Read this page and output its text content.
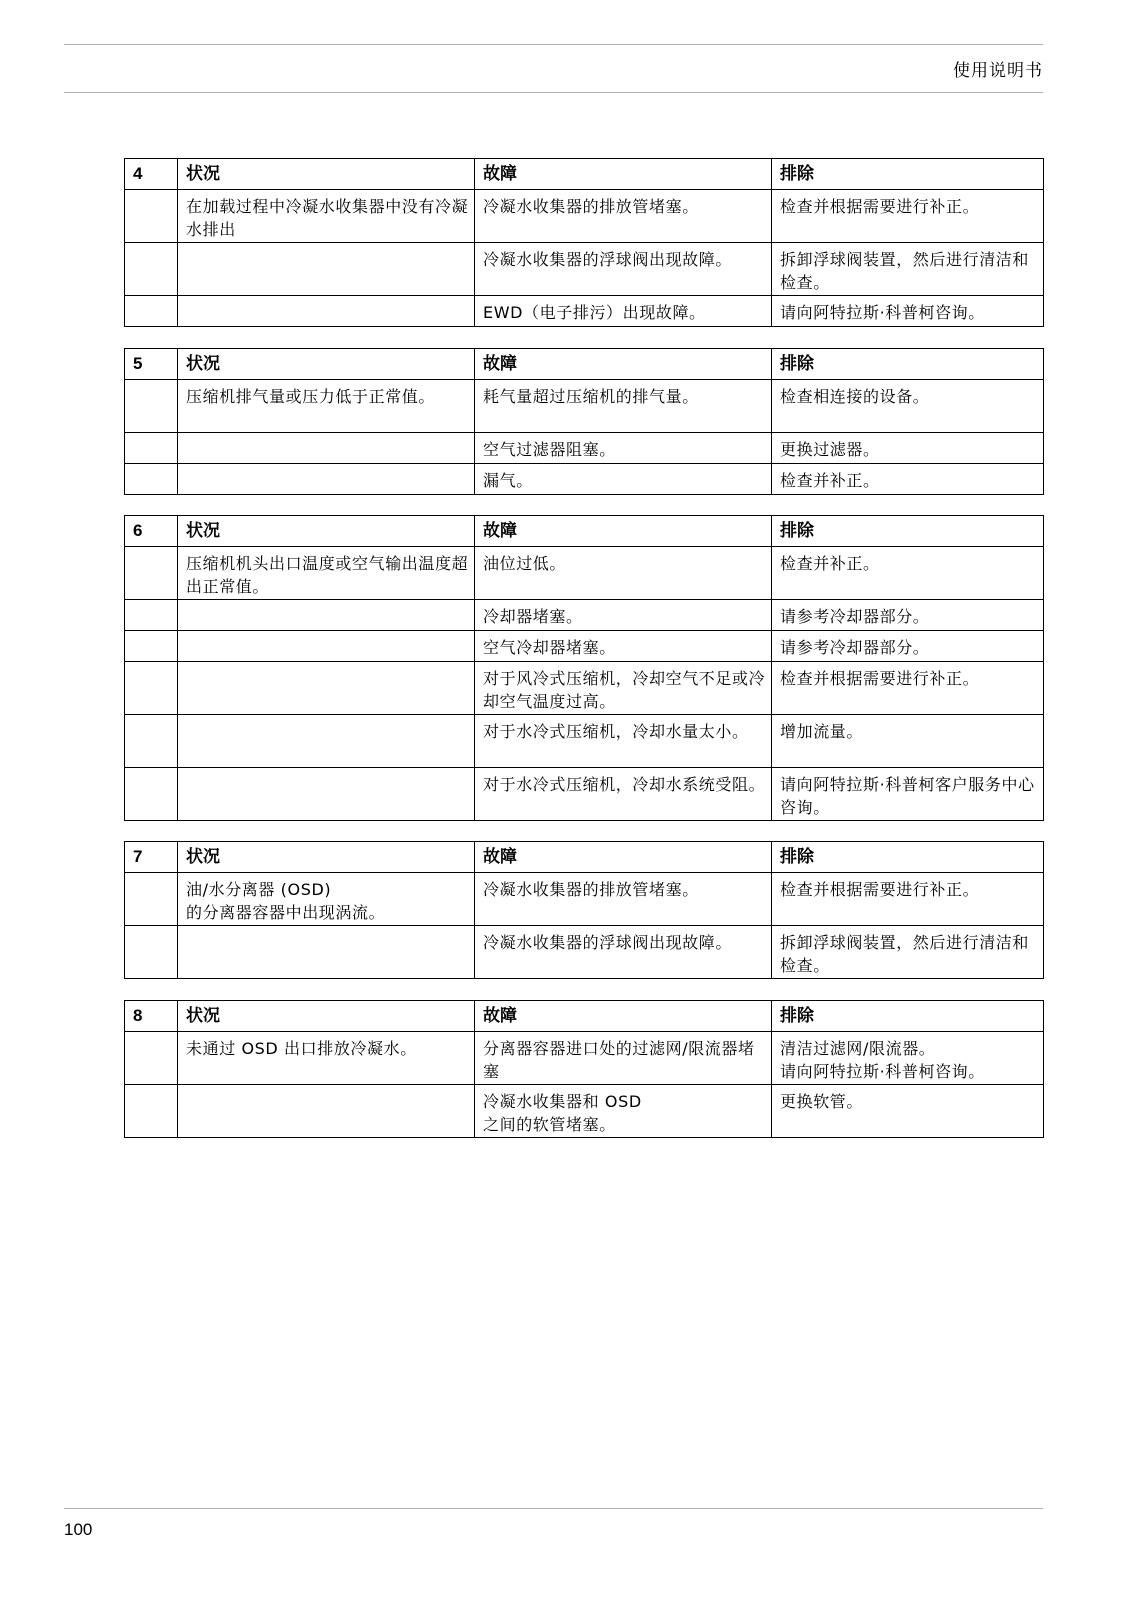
使用说明书
4	状况	故障	排除
	在加载过程中冷凝水收集器中没有冷凝水排出	冷凝水收集器的排放管堵塞。	检查并根据需要进行补正。
		冷凝水收集器的浮球阀出现故障。	拆卸浮球阀装置，然后进行清洁和检查。
		EWD（电子排污）出现故障。	请向阿特拉斯·科普柯咨询。
5	状况	故障	排除
	压缩机排气量或压力低于正常值。	耗气量超过压缩机的排气量。	检查相连接的设备。
		空气过滤器阻塞。	更换过滤器。
		漏气。	检查并补正。
6	状况	故障	排除
	压缩机机头出口温度或空气输出温度超出正常值。	油位过低。	检查并补正。
		冷却器堵塞。	请参考冷却器部分。
		空气冷却器堵塞。	请参考冷却器部分。
		对于风冷式压缩机，冷却空气不足或冷却空气温度过高。	检查并根据需要进行补正。
		对于水冷式压缩机，冷却水量太小。	增加流量。
		对于水冷式压缩机，冷却水系统受阻。	请向阿特拉斯·科普柯客户服务中心咨询。
7	状况	故障	排除
	油/水分离器 (OSD)
的分离器容器中出现涡流。	冷凝水收集器的排放管堵塞。	检查并根据需要进行补正。
		冷凝水收集器的浮球阀出现故障。	拆卸浮球阀装置，然后进行清洁和检查。
8	状况	故障	排除
	未通过 OSD 出口排放冷凝水。	分离器容器进口处的过滤网/限流器堵塞	清洁过滤网/限流器。
请向阿特拉斯·科普柯咨询。
		冷凝水收集器和 OSD
之间的软管堵塞。	更换软管。
100
